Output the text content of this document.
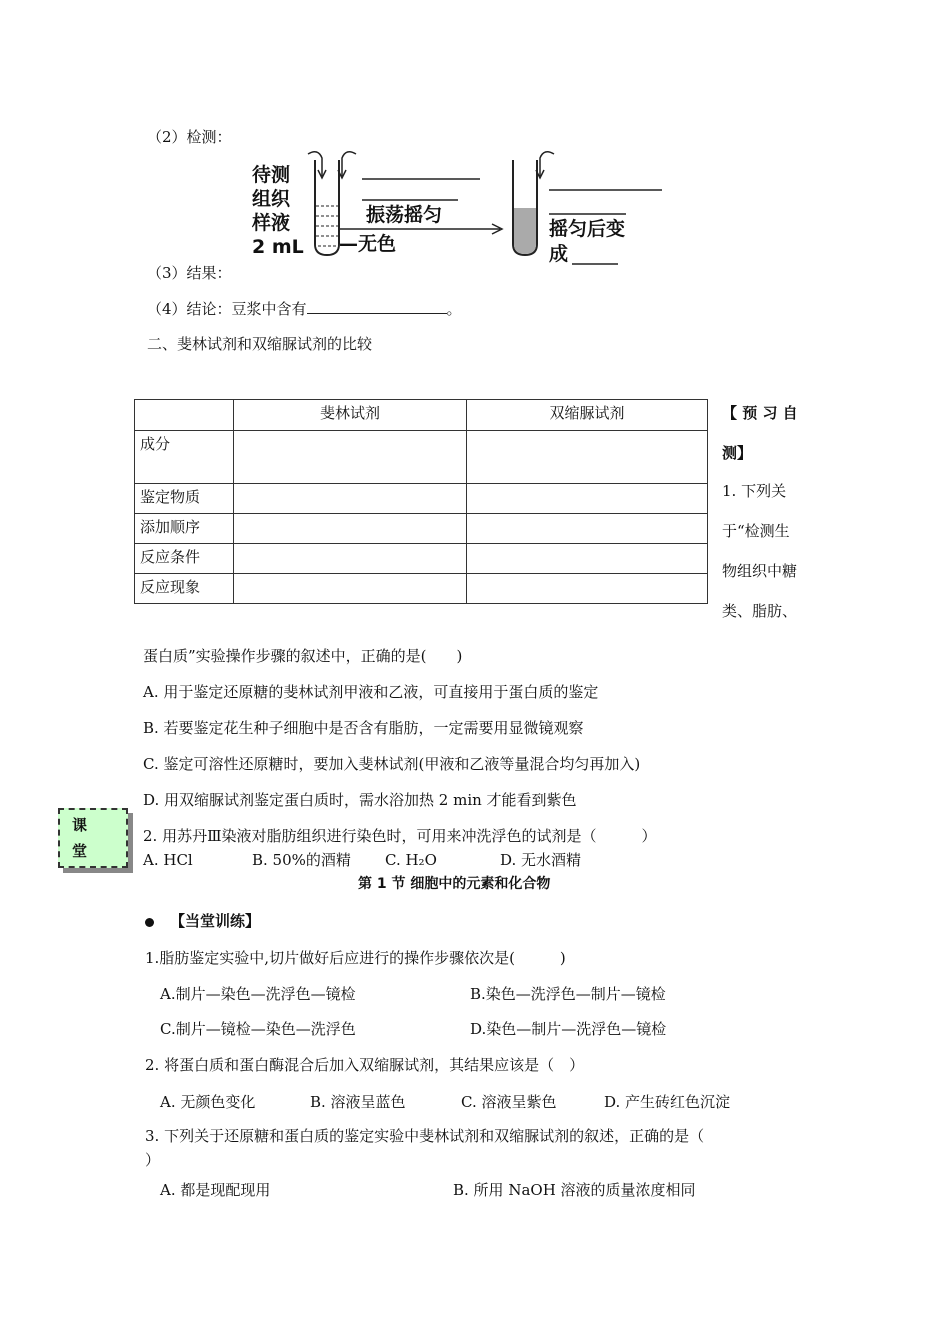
（2）检测：
待测
组织
样液
2 mL
振荡摇匀
—无色
摇匀后变
成
（3）结果：
（4）结论：豆浆中含有	。
二、斐林试剂和双缩脲试剂的比较
	斐林试剂	双缩脲试剂
成分		
鉴定物质		
添加顺序		
反应条件		
反应现象		
【 预 习 自
测】
1. 下列关
于“检测生
物组织中糖
类、脂肪、
蛋白质”实验操作步骤的叙述中，正确的是(　　)
A. 用于鉴定还原糖的斐林试剂甲液和乙液，可直接用于蛋白质的鉴定
B. 若要鉴定花生种子细胞中是否含有脂肪，一定需要用显微镜观察
C. 鉴定可溶性还原糖时，要加入斐林试剂(甲液和乙液等量混合均匀再加入)
D. 用双缩脲试剂鉴定蛋白质时，需水浴加热 2 min 才能看到紫色
课
堂
2. 用苏丹Ⅲ染液对脂肪组织进行染色时，可用来冲洗浮色的试剂是（　　　）
A. HCl	B. 50%的酒精 C. H₂O	D. 无水酒精
第 1 节 细胞中的元素和化合物
【当堂训练】
1.脂肪鉴定实验中,切片做好后应进行的操作步骤依次是(　　　)
A.制片—染色—洗浮色—镜检	B.染色—洗浮色—制片—镜检
C.制片—镜检—染色—洗浮色	D.染色—制片—洗浮色—镜检
2. 将蛋白质和蛋白酶混合后加入双缩脲试剂，其结果应该是（　）
A. 无颜色变化	B. 溶液呈蓝色	C. 溶液呈紫色	D. 产生砖红色沉淀
3. 下列关于还原糖和蛋白质的鉴定实验中斐林试剂和双缩脲试剂的叙述，正确的是（
）
A. 都是现配现用	B. 所用 NaOH 溶液的质量浓度相同
